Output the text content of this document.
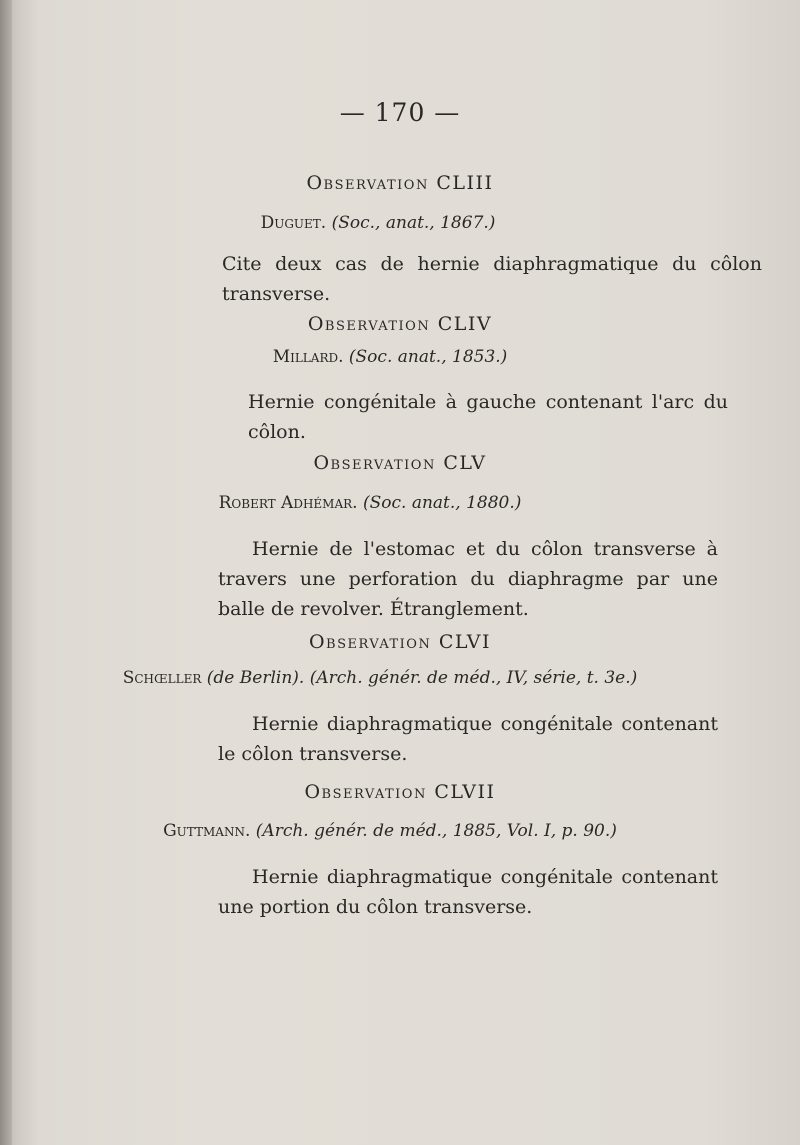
— 170 —
Observation CLIII
Duguet. (Soc., anat., 1867.)
Cite deux cas de hernie diaphragmatique du côlon transverse.
Observation CLIV
Millard. (Soc. anat., 1853.)
Hernie congénitale à gauche contenant l'arc du côlon.
Observation CLV
Robert Adhémar. (Soc. anat., 1880.)
Hernie de l'estomac et du côlon transverse à travers une perforation du diaphragme par une balle de revolver. Étranglement.
Observation CLVI
Schœller (de Berlin). (Arch. génér. de méd., IV, série, t. 3e.)
Hernie diaphragmatique congénitale contenant le côlon transverse.
Observation CLVII
Guttmann. (Arch. génér. de méd., 1885, Vol. I, p. 90.)
Hernie diaphragmatique congénitale contenant une portion du côlon transverse.
